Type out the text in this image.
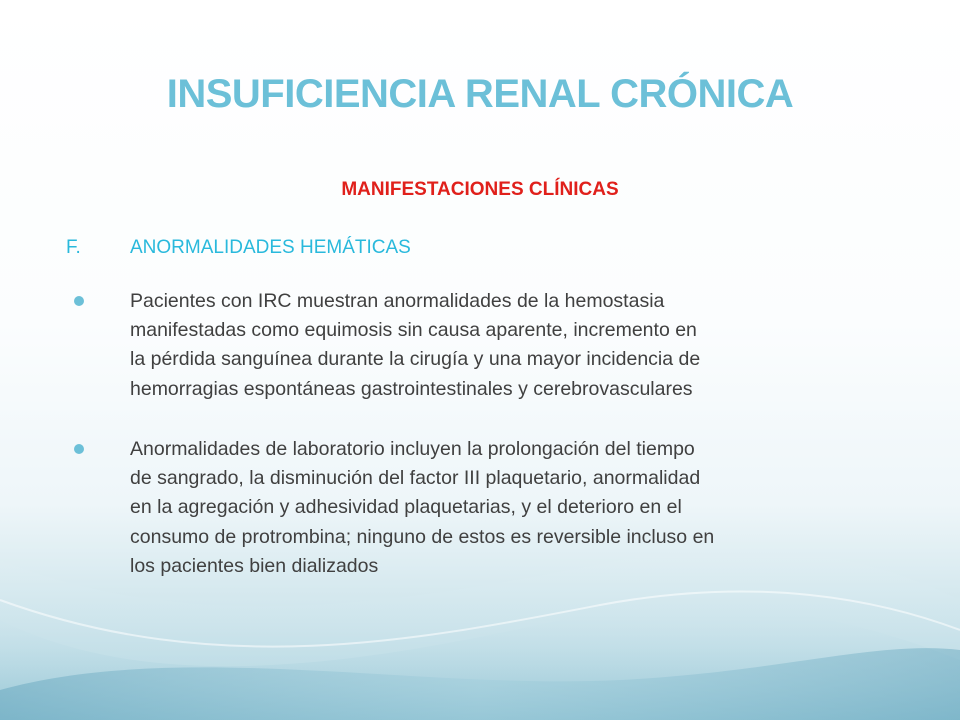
INSUFICIENCIA RENAL CRÓNICA
MANIFESTACIONES CLÍNICAS
F.	ANORMALIDADES HEMÁTICAS
Pacientes con IRC muestran anormalidades de la hemostasia
manifestadas como equimosis sin causa aparente, incremento en
la pérdida sanguínea durante la cirugía y una mayor incidencia de
hemorragias espontáneas gastrointestinales y cerebrovasculares
Anormalidades de laboratorio incluyen la prolongación del tiempo
de sangrado, la disminución del factor III plaquetario, anormalidad
en la agregación y adhesividad plaquetarias, y el deterioro en el
consumo de protrombina; ninguno de estos es reversible incluso en
los pacientes bien dializados
